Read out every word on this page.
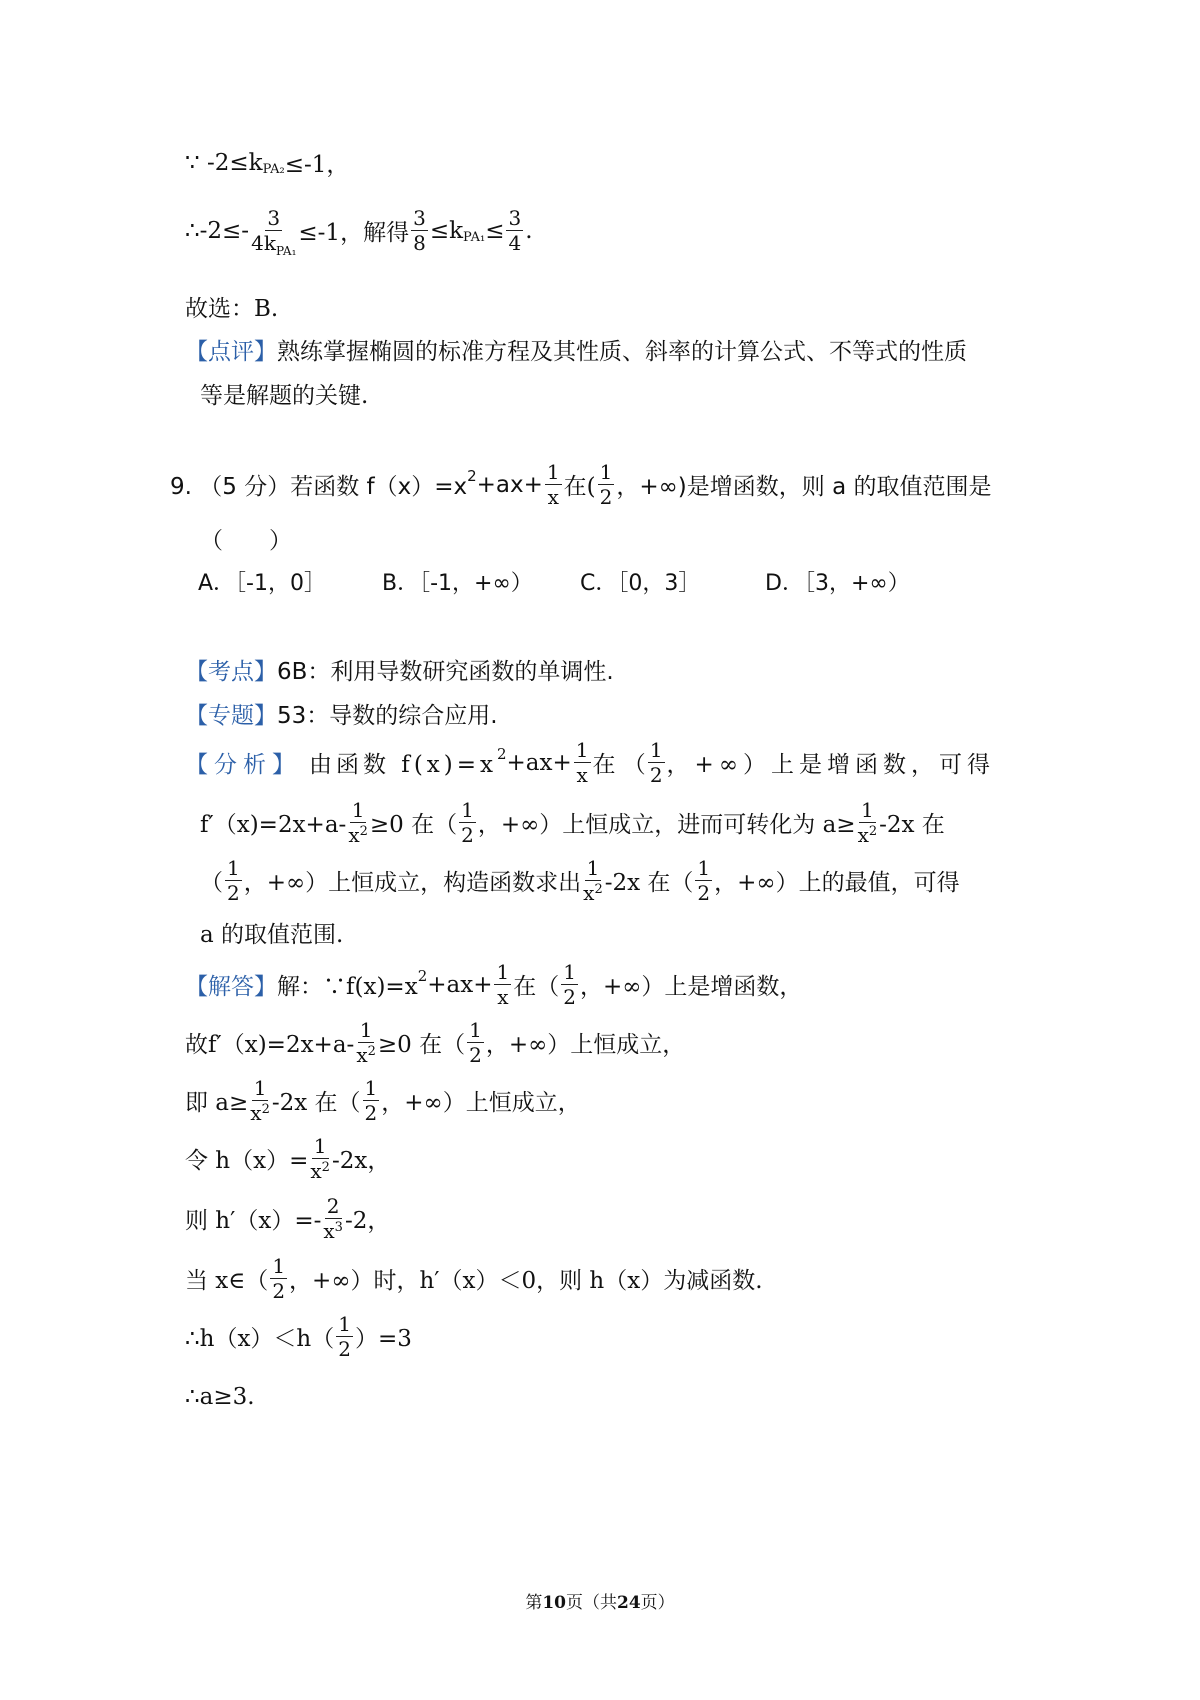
∵ -2≤k PA₂ ≤-1，
∴-2≤- $\frac{3}{4k_{PA_1}} \le-1$，解得 $\frac{3}{8} \le k$ $PA_1 \le \frac{3}{4}$ .
故选：B.
【点评】 熟练掌握椭圆的标准方程及其性质、斜率的计算公式、不等式的性质
等是解题的关键.
9. （5 分）若函数 f（x）=x $2 +ax+ \frac{1}{x}$ 在( $\frac{1}{2}$ ，+∞)是增函数，则 a 的取值范围是
（　　）
A．［﻿﻿-1，0］	B．［-1，+∞） C．［0，3］	D．［3，+∞）
【考点】 6B：利用导数研究函数的单调性.
【专题】 53：导数的综合应用.
【分析】 由函数 f(x)=x $2 +ax+ \frac{1}{x}$ 在 （ $\frac{1}{2}$ ，+∞）上是增函数，可得
$f'(x)=2x+a- \frac{1}{x^2} \ge 0$ 在（ $\frac{1}{2}$ ，+∞）上恒成立，进而可转化为 $a\ge \frac{1}{x^2} -2x$ 在
（ $\frac{1}{2}$ ，+∞）上恒成立，构造函数求出 $\frac{1}{x^2} -2x$ 在（ $\frac{1}{2}$ ，+∞）上的最值，可得
a 的取值范围.
【解答】 解：∵f(x)=x $2 +ax+ \frac{1}{x}$ 在（ $\frac{1}{2}$ ，+∞）上是增函数，
故$f'(x)=2x+a- \frac{1}{x^2} \ge 0$ 在（ $\frac{1}{2}$ ，+∞）上恒成立，
即 $a\ge \frac{1}{x^2} -2x$ 在（ $\frac{1}{2}$ ，+∞）上恒成立，
令 $h(x)= \frac{1}{x^2} -2x$，
则 $h'(x)=- \frac{2}{x^3} -2$，
当 x∈（ $\frac{1}{2}$ ，+∞）时，h′（x）＜0，则 h（x）为减函数.
∴h（x）＜h（ $\frac{1}{2} )=3$
∴a≥3.
第10页（共24页）
